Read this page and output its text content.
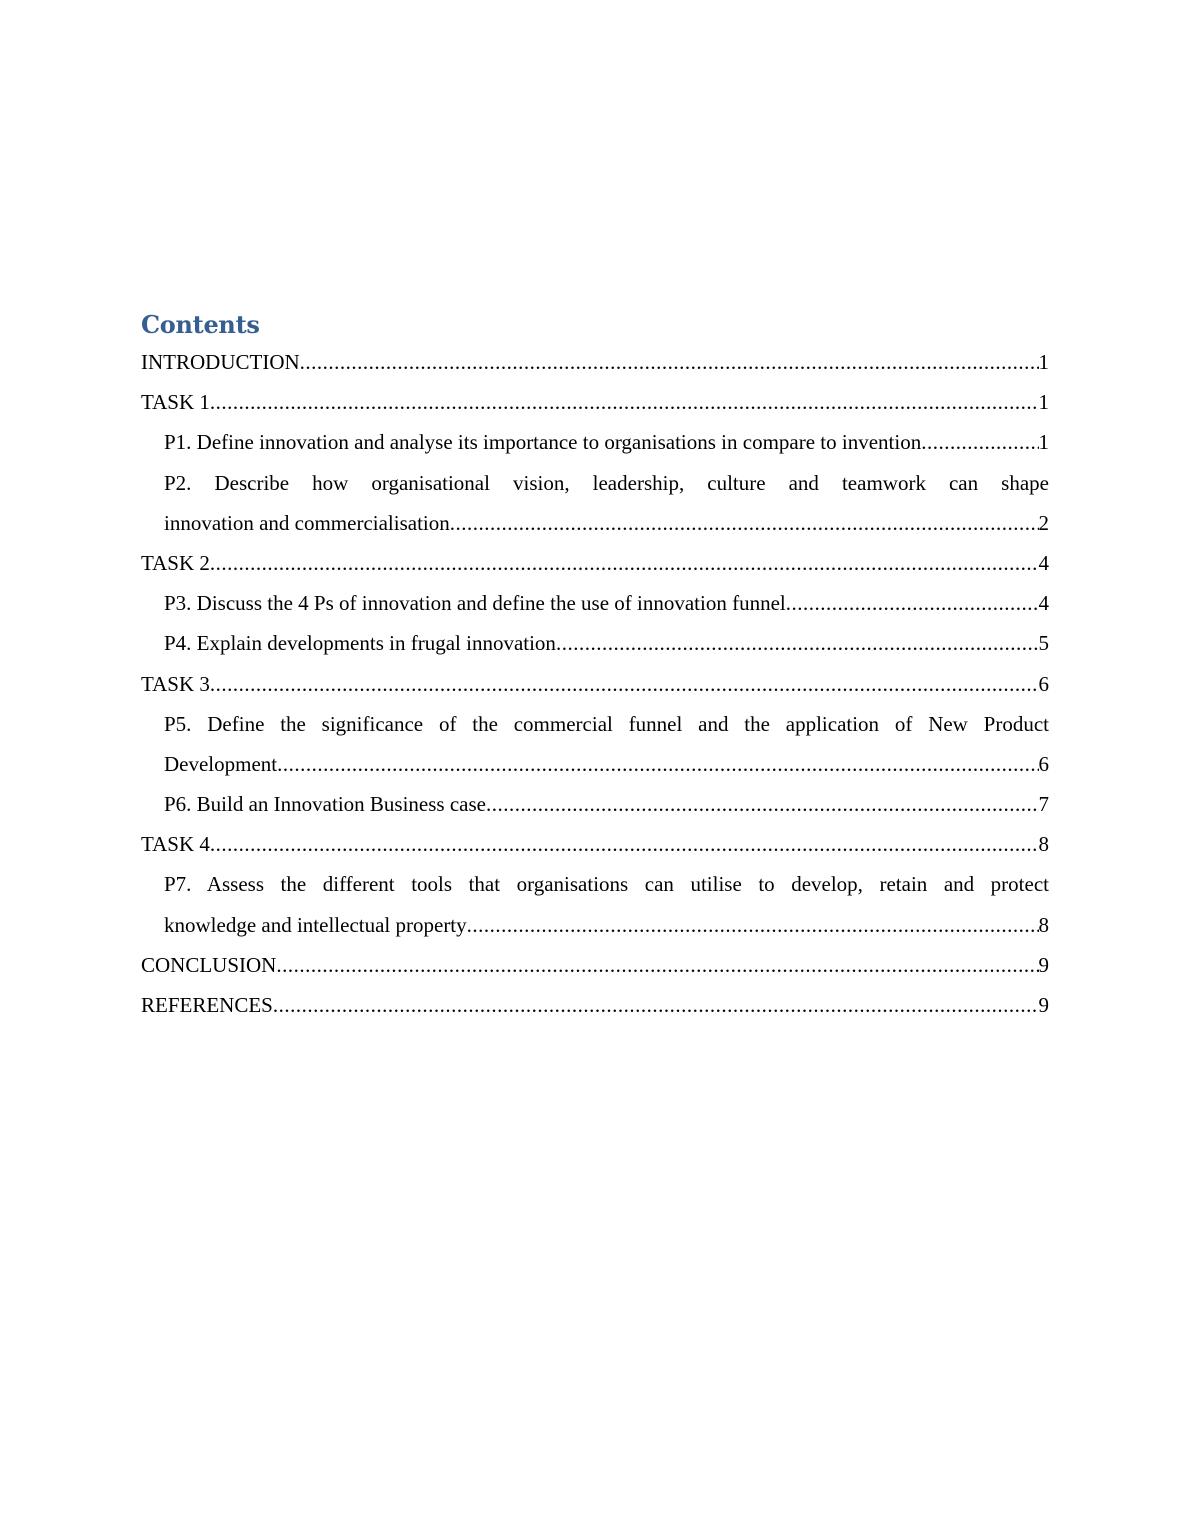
Contents
INTRODUCTION .....	1
TASK 1 .....	1
P1. Define innovation and analyse its importance to organisations in compare to invention .....	1
P2. Describe how organisational vision, leadership, culture and teamwork can shape
innovation and commercialisation .....	2
TASK 2 .....	4
P3. Discuss the 4 Ps of innovation and define the use of innovation funnel .....	4
P4. Explain developments in frugal innovation .....	5
TASK 3 .....	6
P5. Define the significance of the commercial funnel and the application of New Product
Development .....	6
P6. Build an Innovation Business case .....	7
TASK 4 .....	8
P7. Assess the different tools that organisations can utilise to develop, retain and protect
knowledge and intellectual property .....	8
CONCLUSION .....	9
REFERENCES .....	9
